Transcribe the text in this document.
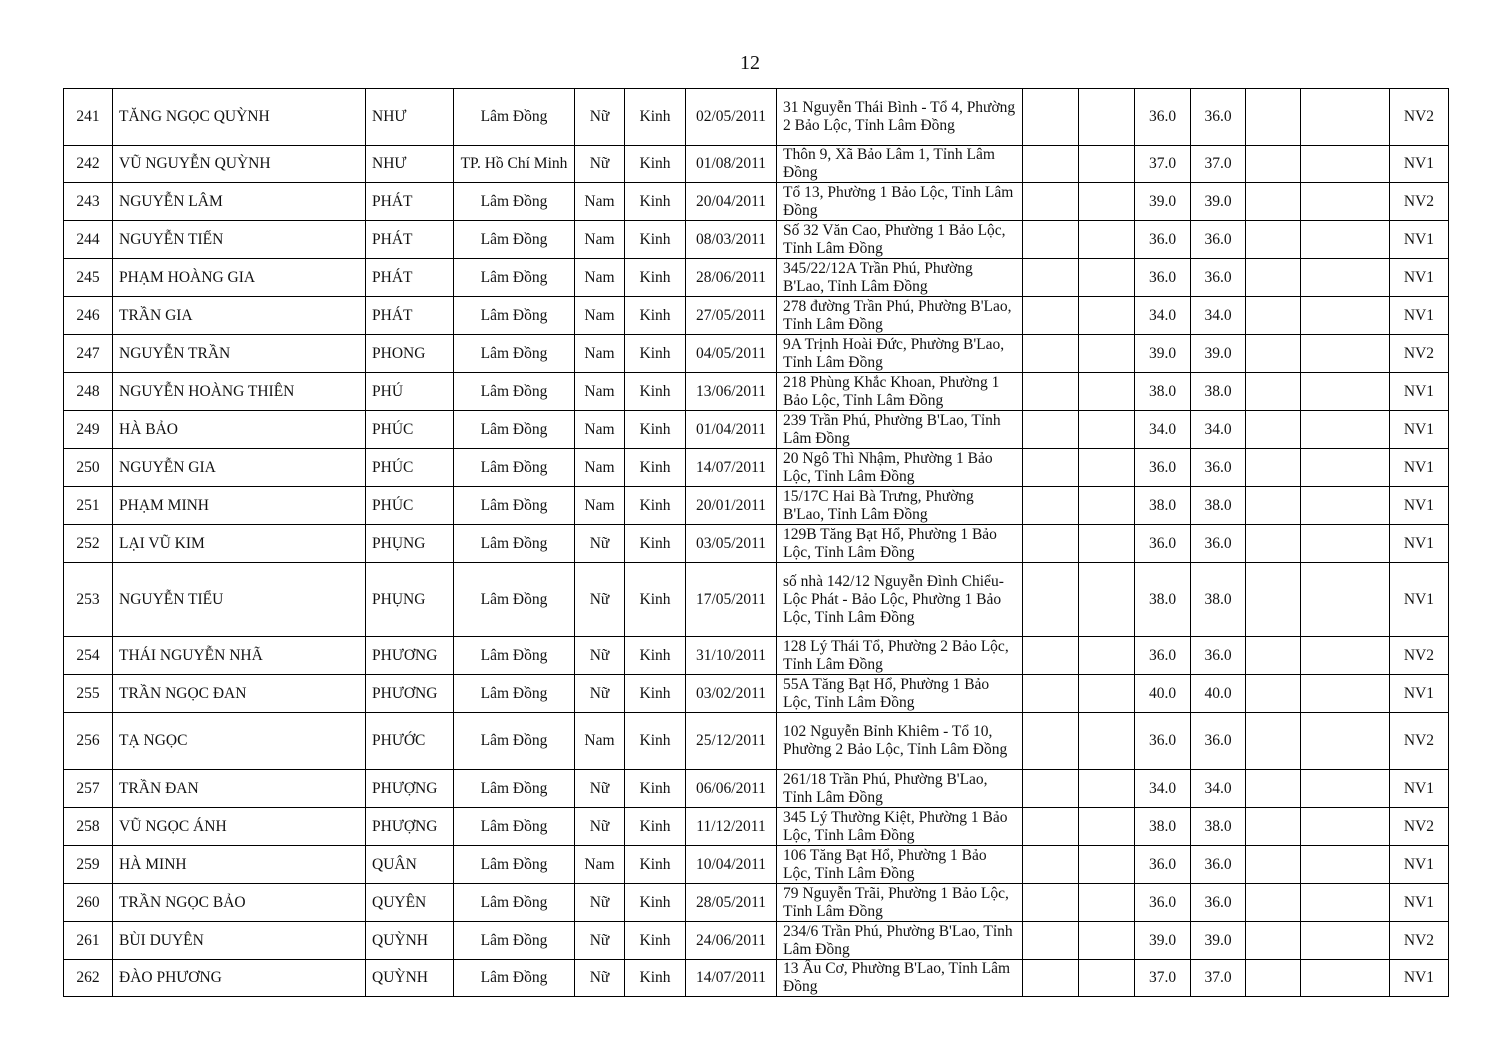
12
241	TĂNG NGỌC QUỲNH	NHƯ	Lâm Đồng	Nữ	Kinh	02/05/2011	31 Nguyễn Thái Bình - Tổ 4, Phường 2 Bảo Lộc, Tỉnh Lâm Đồng			36.0	36.0			NV2
242	VŨ NGUYỄN QUỲNH	NHƯ	TP. Hồ Chí Minh	Nữ	Kinh	01/08/2011	Thôn 9, Xã Bảo Lâm 1, Tỉnh Lâm Đồng			37.0	37.0			NV1
243	NGUYỄN LÂM	PHÁT	Lâm Đồng	Nam	Kinh	20/04/2011	Tổ 13, Phường 1 Bảo Lộc, Tỉnh Lâm Đồng			39.0	39.0			NV2
244	NGUYỄN TIẾN	PHÁT	Lâm Đồng	Nam	Kinh	08/03/2011	Số 32 Văn Cao, Phường 1 Bảo Lộc, Tỉnh Lâm Đồng			36.0	36.0			NV1
245	PHẠM HOÀNG GIA	PHÁT	Lâm Đồng	Nam	Kinh	28/06/2011	345/22/12A Trần Phú, Phường B'Lao, Tỉnh Lâm Đồng			36.0	36.0			NV1
246	TRẦN GIA	PHÁT	Lâm Đồng	Nam	Kinh	27/05/2011	278 đường Trần Phú, Phường B'Lao, Tỉnh Lâm Đồng			34.0	34.0			NV1
247	NGUYỄN TRẦN	PHONG	Lâm Đồng	Nam	Kinh	04/05/2011	9A Trịnh Hoài Đức, Phường B'Lao, Tỉnh Lâm Đồng			39.0	39.0			NV2
248	NGUYỄN HOÀNG THIÊN	PHÚ	Lâm Đồng	Nam	Kinh	13/06/2011	218 Phùng Khắc Khoan, Phường 1 Bảo Lộc, Tỉnh Lâm Đồng			38.0	38.0			NV1
249	HÀ BẢO	PHÚC	Lâm Đồng	Nam	Kinh	01/04/2011	239 Trần Phú, Phường B'Lao, Tỉnh Lâm Đồng			34.0	34.0			NV1
250	NGUYỄN GIA	PHÚC	Lâm Đồng	Nam	Kinh	14/07/2011	20 Ngô Thì Nhậm, Phường 1 Bảo Lộc, Tỉnh Lâm Đồng			36.0	36.0			NV1
251	PHẠM MINH	PHÚC	Lâm Đồng	Nam	Kinh	20/01/2011	15/17C Hai Bà Trưng, Phường B'Lao, Tỉnh Lâm Đồng			38.0	38.0			NV1
252	LẠI VŨ KIM	PHỤNG	Lâm Đồng	Nữ	Kinh	03/05/2011	129B Tăng Bạt Hổ, Phường 1 Bảo Lộc, Tỉnh Lâm Đồng			36.0	36.0			NV1
253	NGUYỄN TIỂU	PHỤNG	Lâm Đồng	Nữ	Kinh	17/05/2011	số nhà 142/12 Nguyễn Đình Chiểu- Lộc Phát - Bảo Lộc, Phường 1 Bảo Lộc, Tỉnh Lâm Đồng			38.0	38.0			NV1
254	THÁI NGUYỄN NHÃ	PHƯƠNG	Lâm Đồng	Nữ	Kinh	31/10/2011	128 Lý Thái Tổ, Phường 2 Bảo Lộc, Tỉnh Lâm Đồng			36.0	36.0			NV2
255	TRẦN NGỌC ĐAN	PHƯƠNG	Lâm Đồng	Nữ	Kinh	03/02/2011	55A Tăng Bạt Hổ, Phường 1 Bảo Lộc, Tỉnh Lâm Đồng			40.0	40.0			NV1
256	TẠ NGỌC	PHƯỚC	Lâm Đồng	Nam	Kinh	25/12/2011	102 Nguyễn Bỉnh Khiêm - Tổ 10, Phường 2 Bảo Lộc, Tỉnh Lâm Đồng			36.0	36.0			NV2
257	TRẦN ĐAN	PHƯỢNG	Lâm Đồng	Nữ	Kinh	06/06/2011	261/18 Trần Phú, Phường B'Lao, Tỉnh Lâm Đồng			34.0	34.0			NV1
258	VŨ NGỌC ÁNH	PHƯỢNG	Lâm Đồng	Nữ	Kinh	11/12/2011	345 Lý Thường Kiệt, Phường 1 Bảo Lộc, Tỉnh Lâm Đồng			38.0	38.0			NV2
259	HÀ MINH	QUÂN	Lâm Đồng	Nam	Kinh	10/04/2011	106 Tăng Bạt Hổ, Phường 1 Bảo Lộc, Tỉnh Lâm Đồng			36.0	36.0			NV1
260	TRẦN NGỌC BẢO	QUYÊN	Lâm Đồng	Nữ	Kinh	28/05/2011	79 Nguyễn Trãi, Phường 1 Bảo Lộc, Tỉnh Lâm Đồng			36.0	36.0			NV1
261	BÙI DUYÊN	QUỲNH	Lâm Đồng	Nữ	Kinh	24/06/2011	234/6 Trần Phú, Phường B'Lao, Tỉnh Lâm Đồng			39.0	39.0			NV2
262	ĐÀO PHƯƠNG	QUỲNH	Lâm Đồng	Nữ	Kinh	14/07/2011	13 Âu Cơ, Phường B'Lao, Tỉnh Lâm Đồng			37.0	37.0			NV1
